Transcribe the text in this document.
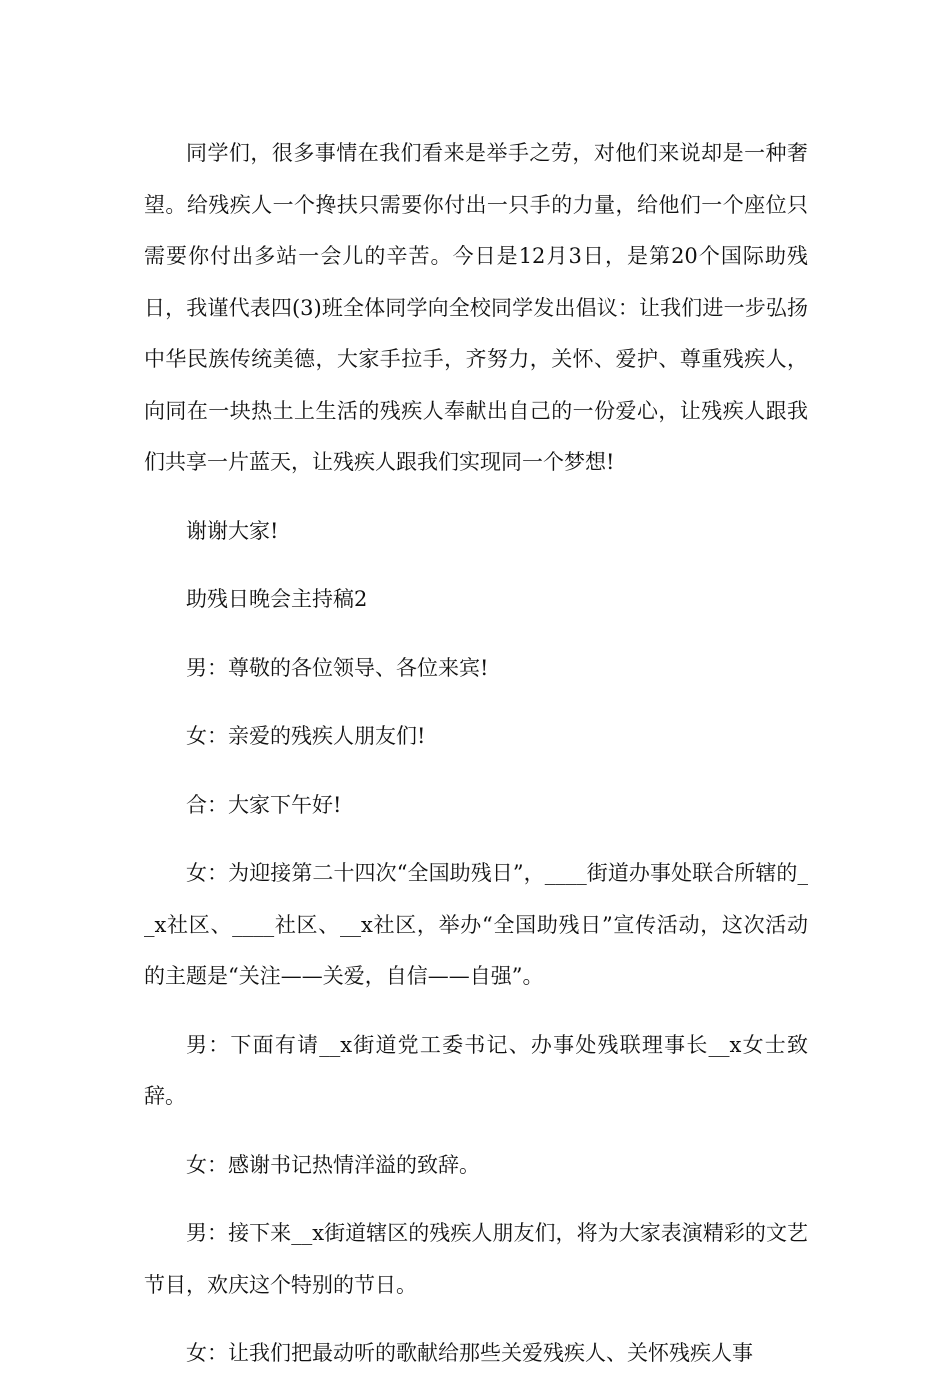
同学们，很多事情在我们看来是举手之劳，对他们来说却是一种奢望。给残疾人一个搀扶只需要你付出一只手的力量，给他们一个座位只需要你付出多站一会儿的辛苦。今日是12月3日，是第20个国际助残日，我谨代表四(3)班全体同学向全校同学发出倡议：让我们进一步弘扬中华民族传统美德，大家手拉手，齐努力，关怀、爱护、尊重残疾人，向同在一块热土上生活的残疾人奉献出自己的一份爱心，让残疾人跟我们共享一片蓝天，让残疾人跟我们实现同一个梦想!

谢谢大家!

助残日晚会主持稿2

男：尊敬的各位领导、各位来宾!

女：亲爱的残疾人朋友们!

合：大家下午好!

女：为迎接第二十四次“全国助残日”，____街道办事处联合所辖的__x社区、____社区、__x社区，举办“全国助残日”宣传活动，这次活动的主题是“关注——关爱，自信——自强”。

男：下面有请__x街道党工委书记、办事处残联理事长__x女士致辞。

女：感谢书记热情洋溢的致辞。

男：接下来__x街道辖区的残疾人朋友们，将为大家表演精彩的文艺节目，欢庆这个特别的节日。

女：让我们把最动听的歌献给那些关爱残疾人、关怀残疾人事
